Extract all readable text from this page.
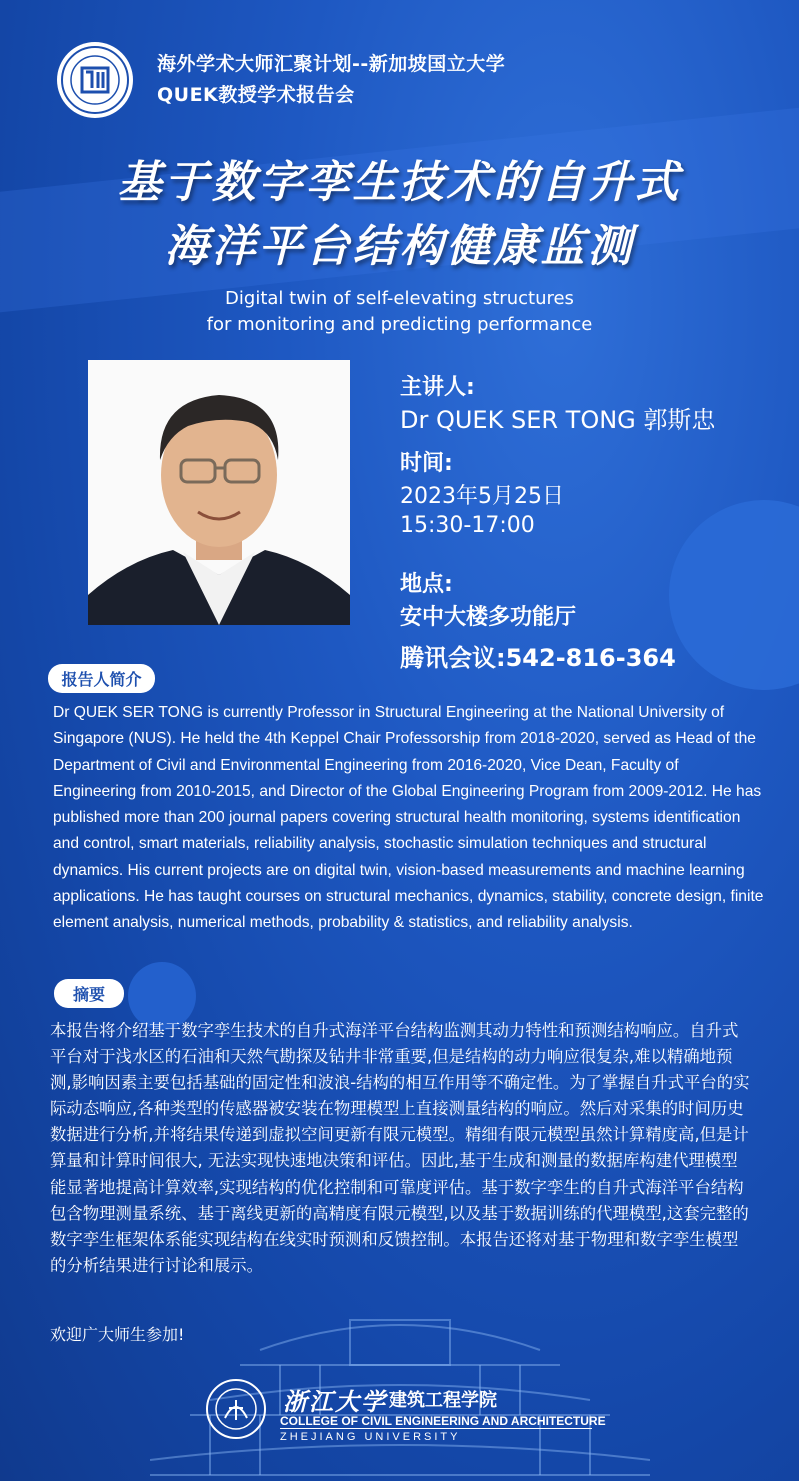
海外学术大师汇聚计划--新加坡国立大学
QUEK教授学术报告会
基于数字孪生技术的自升式
海洋平台结构健康监测
Digital twin of self-elevating structures
for monitoring and predicting performance
主讲人:
Dr QUEK SER TONG 郭斯忠
时间:
2023年5月25日
15:30-17:00
地点:
安中大楼多功能厅
腾讯会议:542-816-364
报告人简介
Dr QUEK SER TONG is currently Professor in Structural Engineering at the National University of Singapore (NUS). He held the 4th Keppel Chair Professorship from 2018-2020, served as Head of the Department of Civil and Environmental Engineering from 2016-2020, Vice Dean, Faculty of Engineering from 2010-2015, and Director of the Global Engineering Program from 2009-2012. He has published more than 200 journal papers covering structural health monitoring, systems identification and control, smart materials, reliability analysis, stochastic simulation techniques and structural dynamics. His current projects are on digital twin, vision-based measurements and machine learning applications. He has taught courses on structural mechanics, dynamics, stability, concrete design, finite element analysis, numerical methods, probability & statistics, and reliability analysis.
摘要
本报告将介绍基于数字孪生技术的自升式海洋平台结构监测其动力特性和预测结构响应。自升式平台对于浅水区的石油和天然气勘探及钻井非常重要,但是结构的动力响应很复杂,难以精确地预测,影响因素主要包括基础的固定性和波浪-结构的相互作用等不确定性。为了掌握自升式平台的实际动态响应,各种类型的传感器被安装在物理模型上直接测量结构的响应。然后对采集的时间历史数据进行分析,并将结果传递到虚拟空间更新有限元模型。精细有限元模型虽然计算精度高,但是计算量和计算时间很大, 无法实现快速地决策和评估。因此,基于生成和测量的数据库构建代理模型能显著地提高计算效率,实现结构的优化控制和可靠度评估。基于数字孪生的自升式海洋平台结构包含物理测量系统、基于离线更新的高精度有限元模型,以及基于数据训练的代理模型,这套完整的数字孪生框架体系能实现结构在线实时预测和反馈控制。本报告还将对基于物理和数字孪生模型的分析结果进行讨论和展示。
欢迎广大师生参加!
浙江大学 建筑工程学院
COLLEGE OF CIVIL ENGINEERING AND ARCHITECTURE
ZHEJIANG UNIVERSITY
